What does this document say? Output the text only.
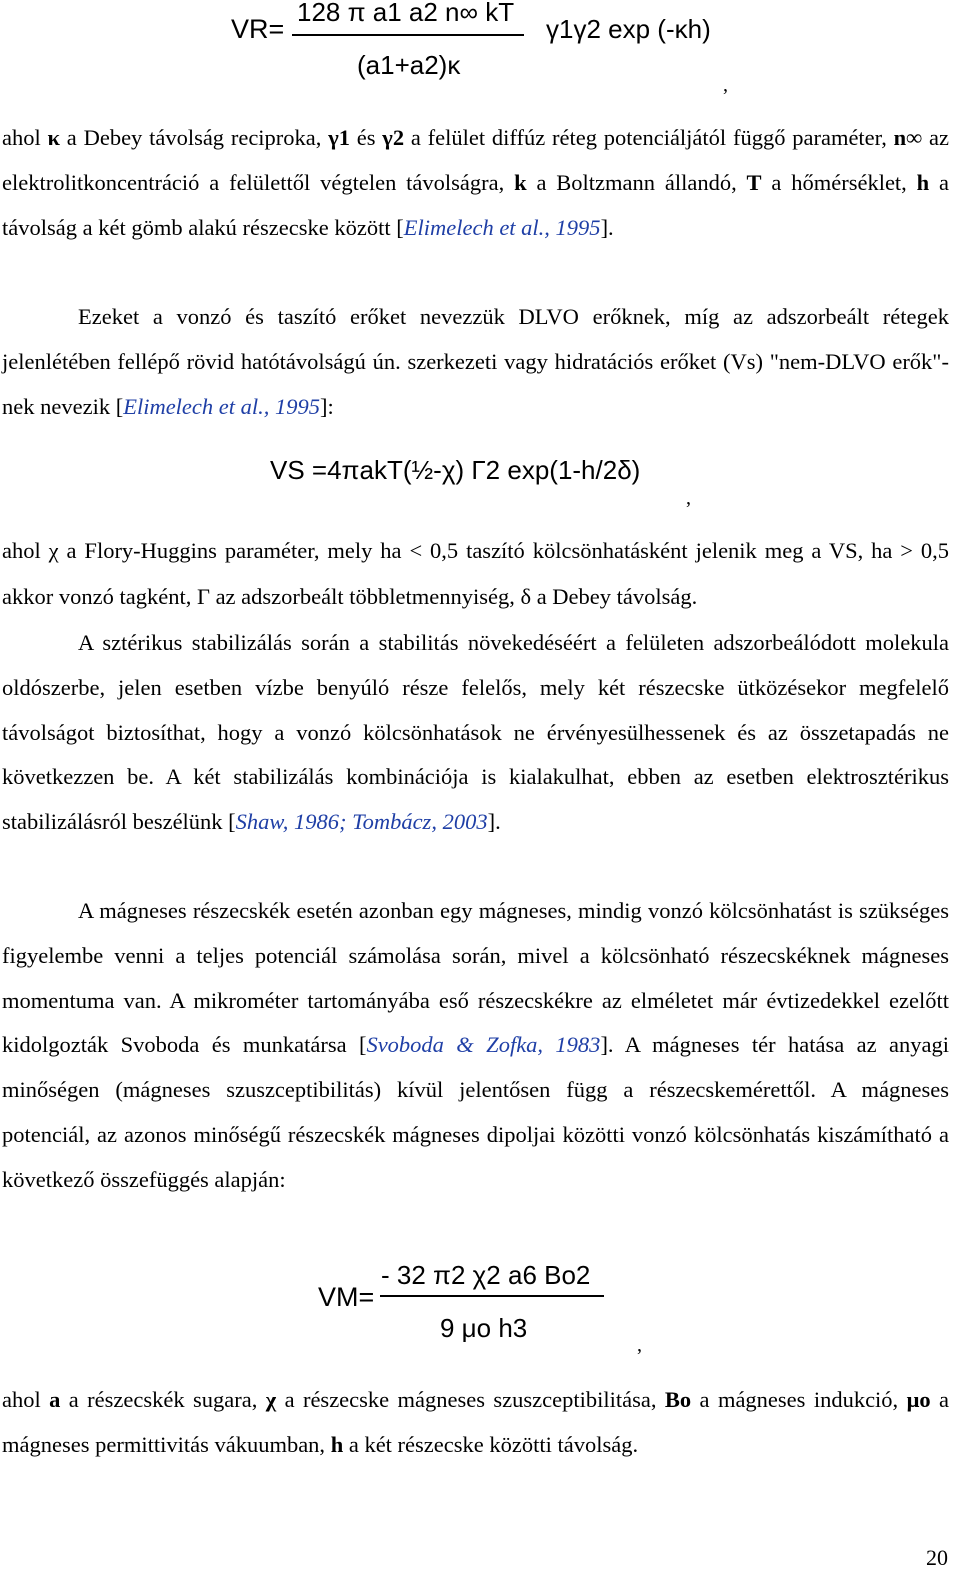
VR=
128 π a1 a2 n∞ kT
(a1+a2)κ
γ1γ2 exp (-κh)
,

ahol κ a Debey távolság reciproka, γ1 és γ2 a felület diffúz réteg potenciáljától függő paraméter, n∞ az elektrolitkoncentráció a felülettől végtelen távolságra, k a Boltzmann állandó, T a hőmérséklet, h a távolság a két gömb alakú részecske között [Elimelech et al., 1995].

Ezeket a vonzó és taszító erőket nevezzük DLVO erőknek, míg az adszorbeált rétegek jelenlétében fellépő rövid hatótávolságú ún. szerkezeti vagy hidratációs erőket (Vs) "nem-DLVO erők"-nek nevezik [Elimelech et al., 1995]:

VS =4πakT(½-χ) Γ2 exp(1-h/2δ)
,

ahol χ a Flory-Huggins paraméter, mely ha < 0,5 taszító kölcsönhatásként jelenik meg a VS, ha > 0,5 akkor vonzó tagként, Γ az adszorbeált többletmennyiség, δ a Debey távolság.

A sztérikus stabilizálás során a stabilitás növekedéséért a felületen adszorbeálódott molekula oldószerbe, jelen esetben vízbe benyúló része felelős, mely két részecske ütközésekor megfelelő távolságot biztosíthat, hogy a vonzó kölcsönhatások ne érvényesülhessenek és az összetapadás ne következzen be. A két stabilizálás kombinációja is kialakulhat, ebben az esetben elektrosztérikus stabilizálásról beszélünk [Shaw, 1986; Tombácz, 2003].

A mágneses részecskék esetén azonban egy mágneses, mindig vonzó kölcsönhatást is szükséges figyelembe venni a teljes potenciál számolása során, mivel a kölcsönható részecskéknek mágneses momentuma van. A mikrométer tartományába eső részecskékre az elméletet már évtizedekkel ezelőtt kidolgozták Svoboda és munkatársa [Svoboda & Zofka, 1983]. A mágneses tér hatása az anyagi minőségen (mágneses szuszceptibilitás) kívül jelentősen függ a részecskemérettől. A mágneses potenciál, az azonos minőségű részecskék mágneses dipoljai közötti vonzó kölcsönhatás kiszámítható a következő összefüggés alapján:

VM=
- 32 π2 χ2 a6 Bo2
9 μo h3
,

ahol a a részecskék sugara, χ a részecske mágneses szuszceptibilitása, Bo a mágneses indukció, μo a mágneses permittivitás vákuumban, h a két részecske közötti távolság.

20
